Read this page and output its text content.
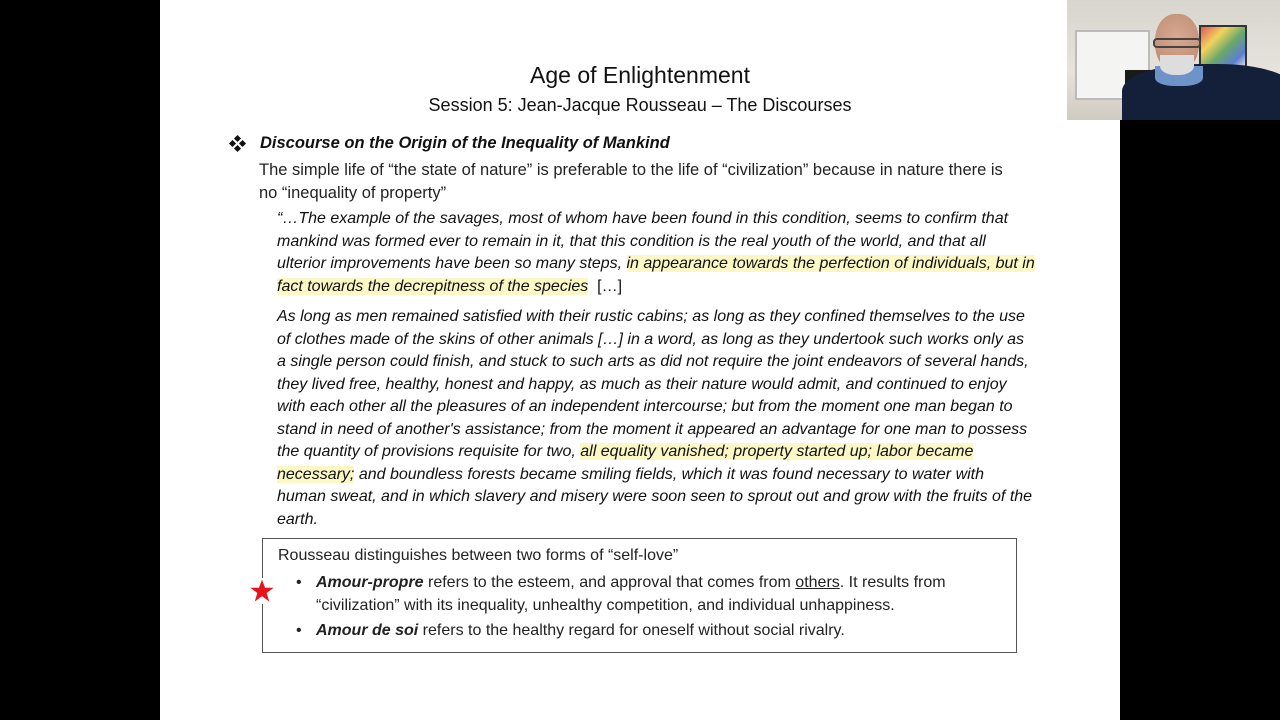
Age of Enlightenment
Session 5: Jean-Jacque Rousseau – The Discourses
Discourse on the Origin of the Inequality of Mankind
The simple life of “the state of nature” is preferable to the life of “civilization” because in nature there is no “inequality of property”
“…The example of the savages, most of whom have been found in this condition, seems to confirm that mankind was formed ever to remain in it, that this condition is the real youth of the world, and that all ulterior improvements have been so many steps, in appearance towards the perfection of individuals, but in fact towards the decrepitness of the species  […]
As long as men remained satisfied with their rustic cabins; as long as they confined themselves to the use of clothes made of the skins of other animals […] in a word, as long as they undertook such works only as a single person could finish, and stuck to such arts as did not require the joint endeavors of several hands, they lived free, healthy, honest and happy, as much as their nature would admit, and continued to enjoy with each other all the pleasures of an independent intercourse; but from the moment one man began to stand in need of another's assistance; from the moment it appeared an advantage for one man to possess the quantity of provisions requisite for two, all equality vanished; property started up; labor became necessary; and boundless forests became smiling fields, which it was found necessary to water with human sweat, and in which slavery and misery were soon seen to sprout out and grow with the fruits of the earth.
Rousseau distinguishes between two forms of “self-love”
• Amour-propre refers to the esteem, and approval that comes from others. It results from “civilization” with its inequality, unhealthy competition, and individual unhappiness.
• Amour de soi refers to the healthy regard for oneself without social rivalry.
